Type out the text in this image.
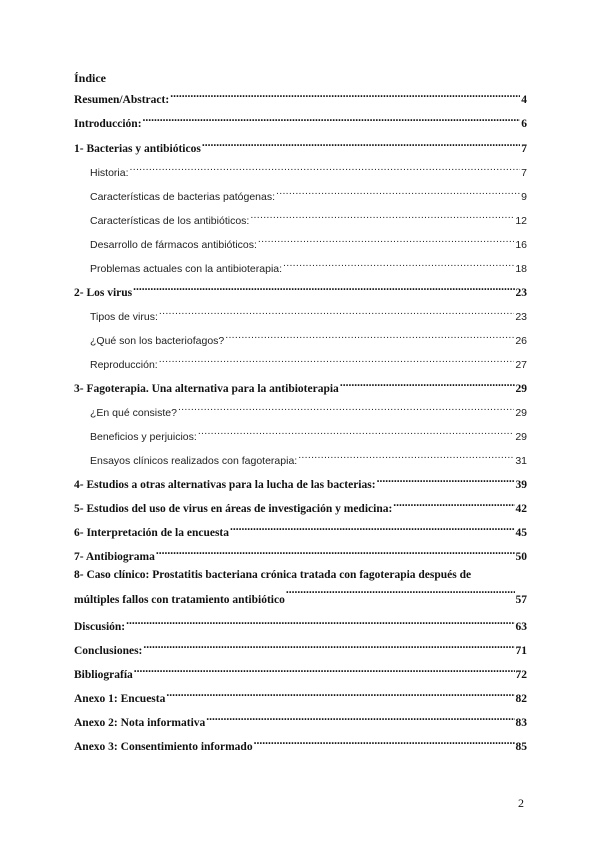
Índice
Resumen/Abstract: .....	4
Introducción: .....	6
1- Bacterias y antibióticos .....	7
Historia: .....	7
Características de bacterias patógenas: .....	9
Características de los antibióticos: .....	12
Desarrollo de fármacos antibióticos: .....	16
Problemas actuales con la antibioterapia: .....	18
2- Los virus .....	23
Tipos de virus: .....	23
¿Qué son los bacteriofagos? .....	26
Reproducción: .....	27
3- Fagoterapia. Una alternativa para la antibioterapia .....	29
¿En qué consiste? .....	29
Beneficios y perjuicios: .....	29
Ensayos clínicos realizados con fagoterapia: .....	31
4- Estudios a otras alternativas para la lucha de las bacterias: .....	39
5- Estudios del uso de virus en áreas de investigación y medicina: .....	42
6- Interpretación de la encuesta .....	45
7- Antibiograma .....	50
8- Caso clínico: Prostatitis bacteriana crónica tratada con fagoterapia después de
múltiples fallos con tratamiento antibiótico .....	57
Discusión: .....	63
Conclusiones: .....	71
Bibliografía .....	72
Anexo 1: Encuesta .....	82
Anexo 2: Nota informativa .....	83
Anexo 3: Consentimiento informado .....	85
2
